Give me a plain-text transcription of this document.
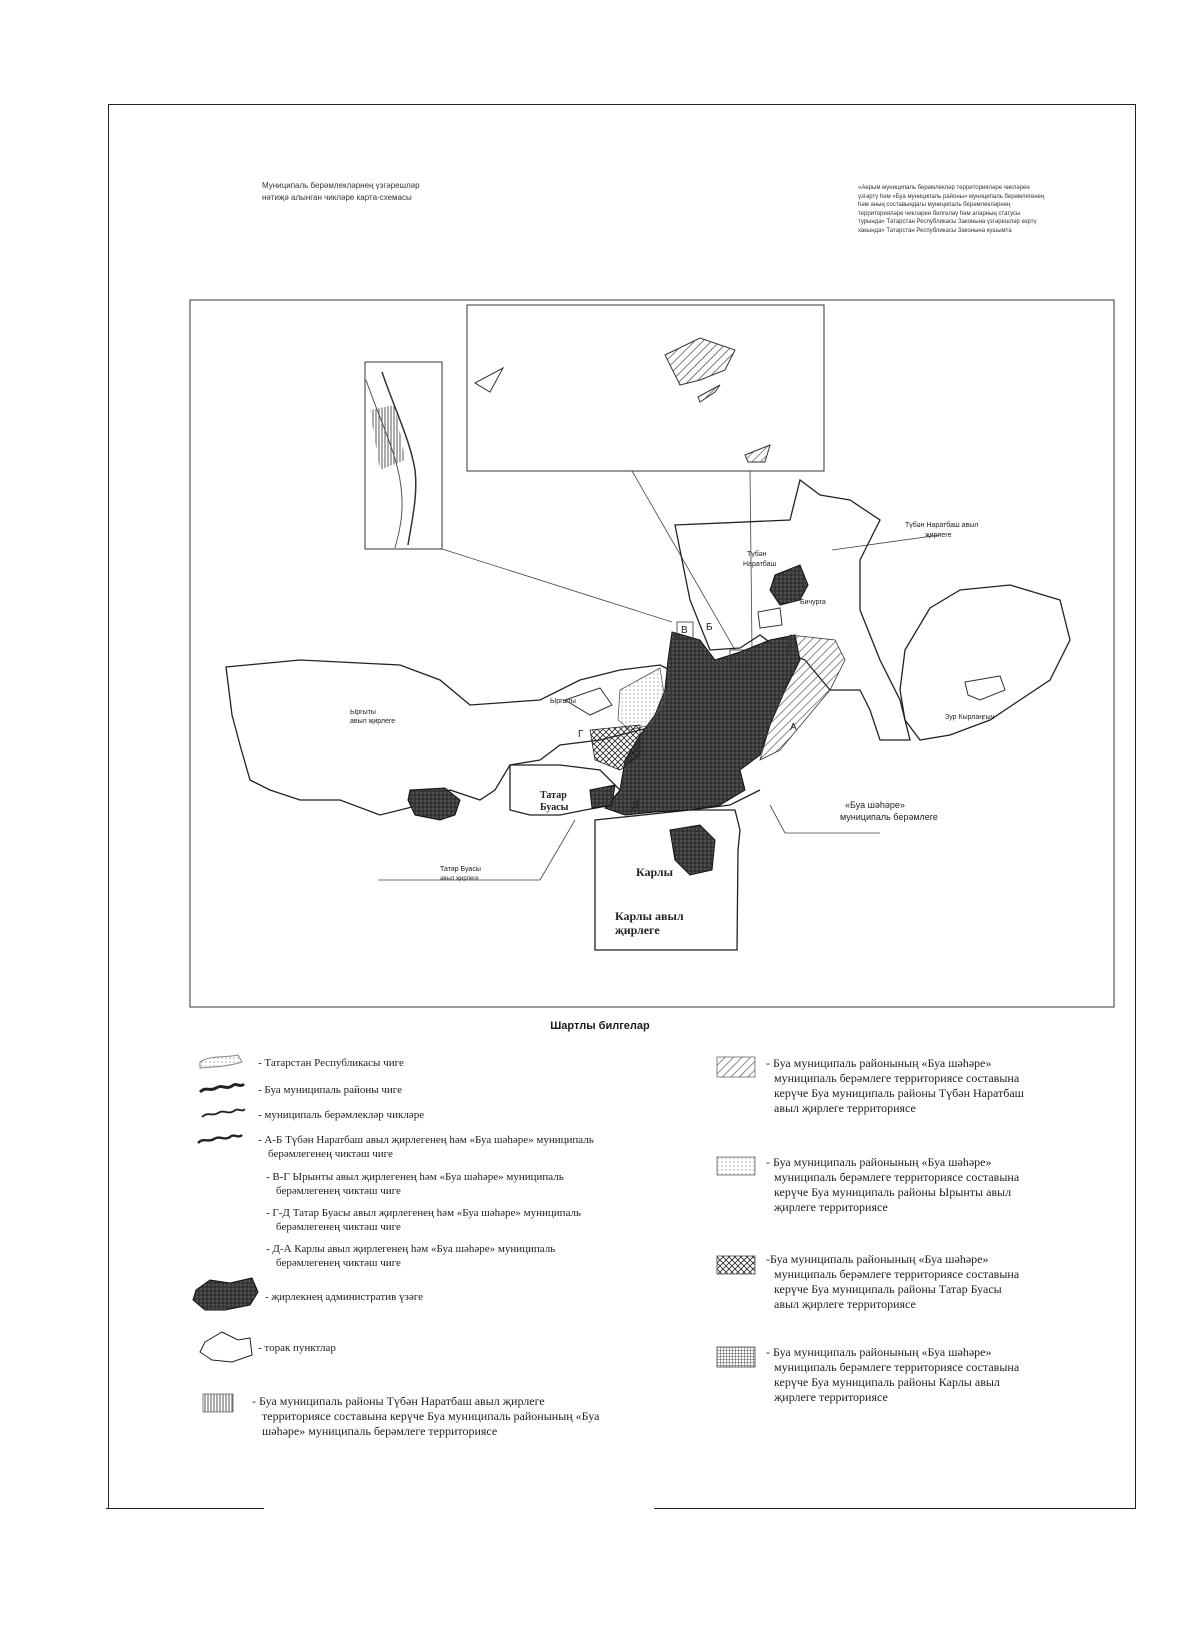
Муниципаль берәмлекләрнең үзгәрешләр
нәтиҗә алынган чикләре карта-схемасы
«Аерым муниципаль берәмлекләр территорияләре чикләрен
үзгәртү һәм «Буа муниципаль районы» муниципаль берәмлегенең
һәм аның составындагы муниципаль берәмлекләрнең
территорияләре чикләрен билгеләү һәм аларның статусы
турында» Татарстан Республикасы Законына үзгәрешләр кертү
хакында» Татарстан Республикасы Законына кушымта
Түбән Наратбаш авыл
җирлеге
Түбән
Наратбаш
Бичурга
Ыргыты
Ыргыты
авыл җирлеге
Зур Кырлаңгыч
Татар
Буасы
Карлы
Карлы авыл
җирлеге
«Буа шәһәре»
муниципаль берәмлеге
Татар Буасы
авыл җирлеге
А
Б
В
Г
Д
Шартлы билгелар
- Татарстан Республикасы чиге
- Буа муниципаль районы чиге
- муниципаль берәмлекләр чикләре
- А-Б Түбән Наратбаш авыл җирлегенең һәм «Буа шәһәре» муниципаль
берәмлегенең чиктәш чиге
- В-Г Ырынты авыл җирлегенең һәм «Буа шәһәре» муниципаль
берәмлегенең чиктәш чиге
- Г-Д Татар Буасы авыл җирлегенең һәм «Буа шәһәре» муниципаль
берәмлегенең чиктәш чиге
- Д-А Карлы авыл җирлегенең һәм «Буа шәһәре» муниципаль
берәмлегенең чиктәш чиге
- җирлекнең административ үзәге
- торак пунктлар
- Буа муниципаль районы Түбән Наратбаш авыл җирлеге
территориясе составына керүче Буа муниципаль районының «Буа
шәһәре» муниципаль берәмлеге территориясе
- Буа муниципаль районының «Буа шәһәре»
муниципаль берәмлеге территориясе составына
керүче Буа муниципаль районы Түбән Наратбаш
авыл җирлеге территориясе
- Буа муниципаль районының «Буа шәһәре»
муниципаль берәмлеге территориясе составына
керүче Буа муниципаль районы Ырынты авыл
җирлеге территориясе
-Буа муниципаль районының «Буа шәһәре»
муниципаль берәмлеге территориясе составына
керүче Буа муниципаль районы Татар Буасы
авыл җирлеге территориясе
- Буа муниципаль районының «Буа шәһәре»
муниципаль берәмлеге территориясе составына
керүче Буа муниципаль районы Карлы авыл
җирлеге территориясе
